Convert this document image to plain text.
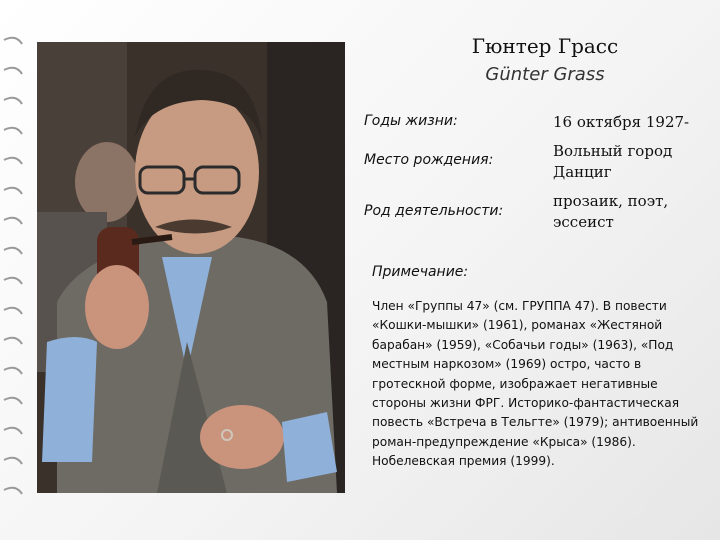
Гюнтер Грасс
Günter Grass
Годы жизни:	16 октября 1927-
Место рождения:	Вольный город Данциг
Род деятельности:
прозаик, поэт, эссеист
Примечание:
Член «Группы 47» (см. ГРУППА 47). В повести «Кошки-мышки» (1961), романах «Жестяной барабан» (1959), «Собачьи годы» (1963), «Под местным наркозом» (1969) остро, часто в гротескной форме, изображает негативные стороны жизни ФРГ. Историко-фантастическая повесть «Встреча в Тельгте» (1979); антивоенный роман-предупреждение «Крыса» (1986). Нобелевская премия (1999).
